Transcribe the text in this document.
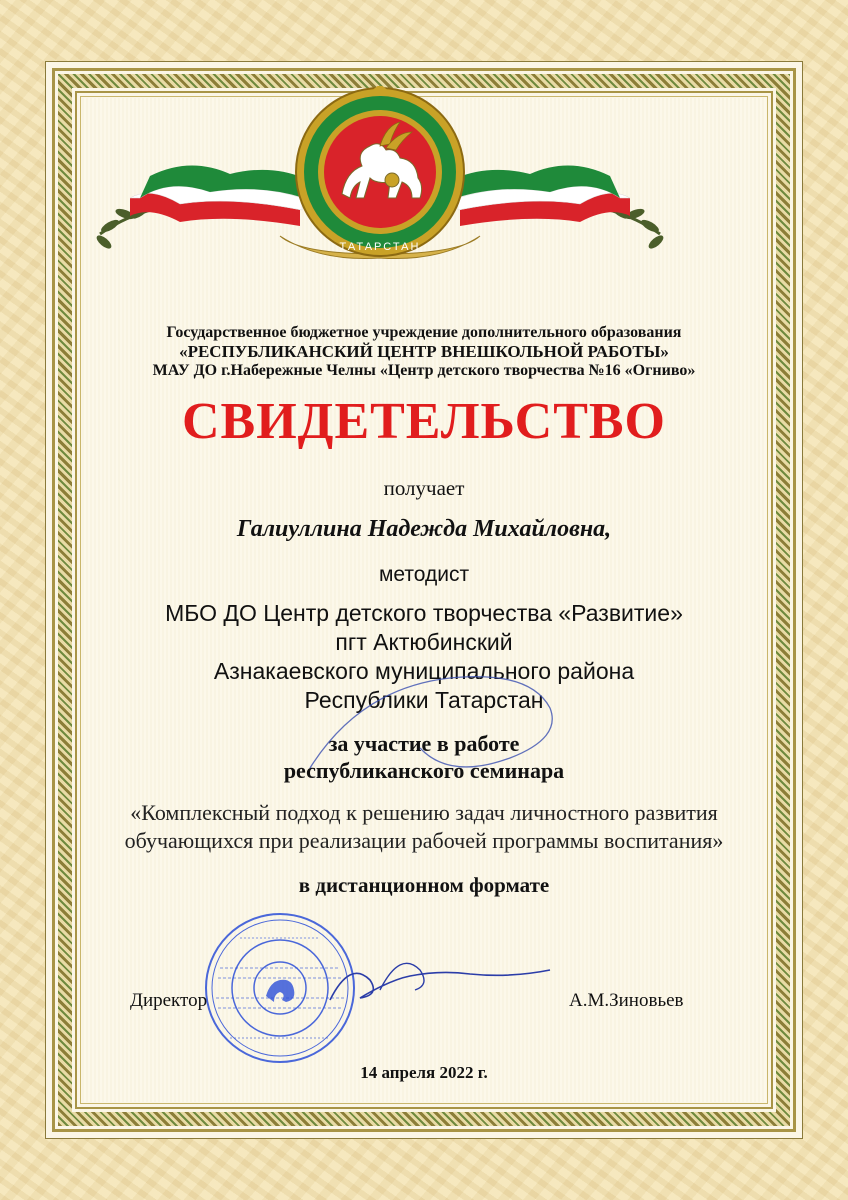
ТАТАРСТАН
Государственное бюджетное учреждение дополнительного образования
«РЕСПУБЛИКАНСКИЙ ЦЕНТР ВНЕШКОЛЬНОЙ РАБОТЫ»
МАУ ДО г.Набережные Челны «Центр детского творчества №16 «Огниво»
СВИДЕТЕЛЬСТВО
получает
Галиуллина Надежда Михайловна,
методист
МБО ДО Центр детского творчества «Развитие»
пгт Актюбинский
Азнакаевского муниципального района
Республики Татарстан
за участие в работе
республиканского семинара
«Комплексный подход к решению задач личностного развития
обучающихся при реализации рабочей программы воспитания»
в дистанционном формате
Директор	А.М.Зиновьев
14 апреля 2022 г.
